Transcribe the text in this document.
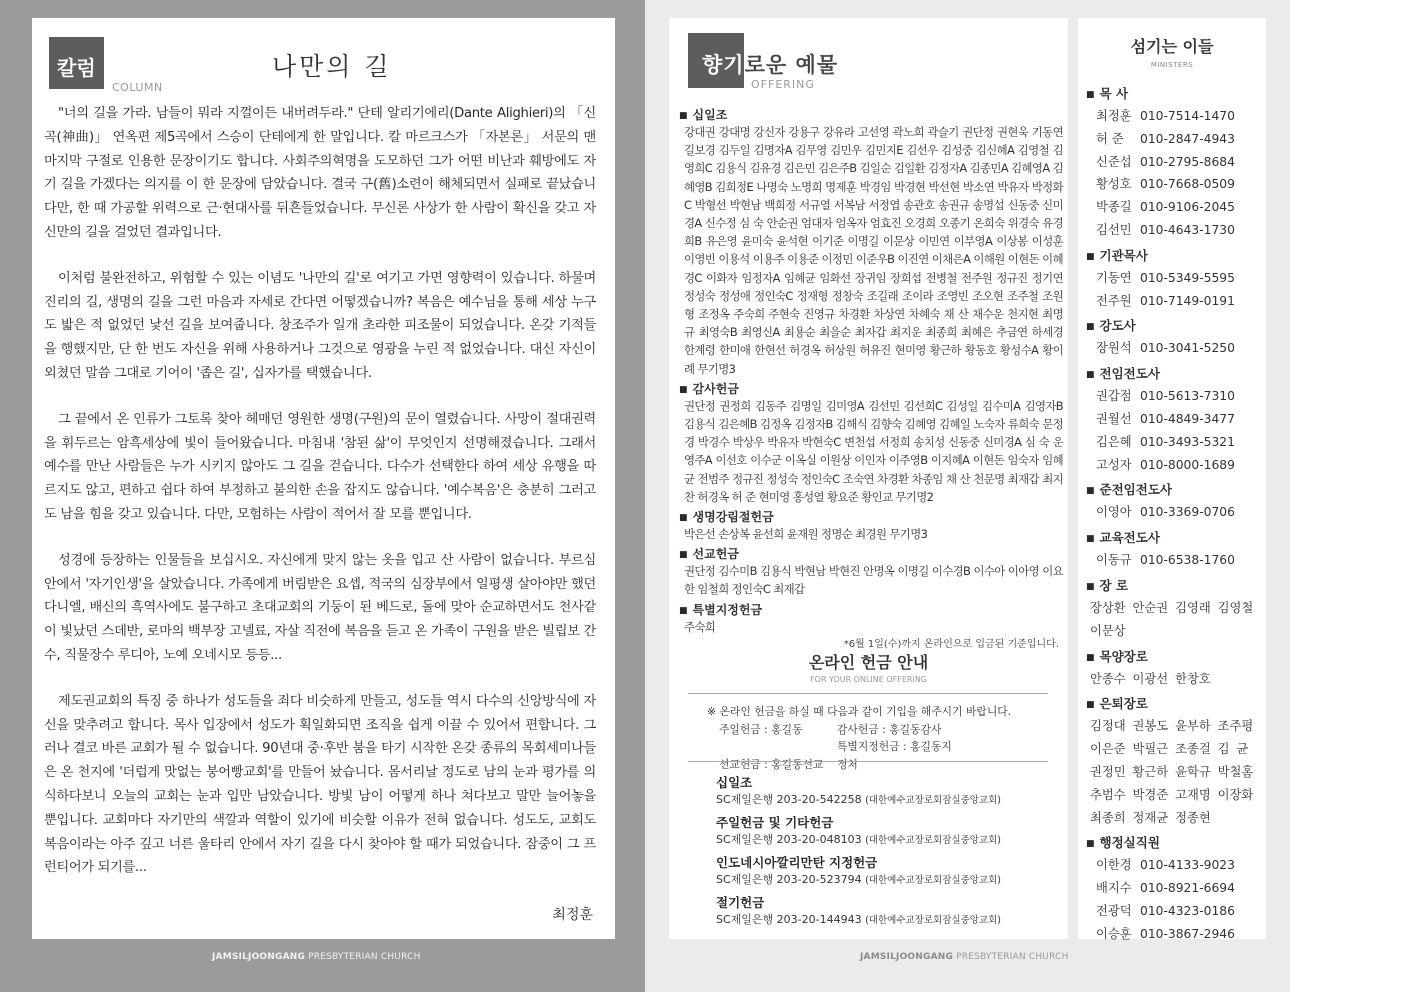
JAMSILJOONGANG PRESBYTERIAN CHURCH	JAMSILJOONGANG PRESBYTERIAN CHURCH
칼럼
COLUMN
나만의 길

"너의 길을 가라. 남들이 뭐라 지껄이든 내버려두라." 단테 알리기에리(Dante Alighieri)의 「신곡(神曲)」 연옥편 제5곡에서 스승이 단테에게 한 말입니다. 칼 마르크스가 「자본론」 서문의 맨 마지막 구절로 인용한 문장이기도 합니다. 사회주의혁명을 도모하던 그가 어떤 비난과 훼방에도 자기 길을 가겠다는 의지를 이 한 문장에 담았습니다. 결국 구(舊)소련이 해체되면서 실패로 끝났습니다만, 한 때 가공할 위력으로 근·현대사를 뒤흔들었습니다. 무신론 사상가 한 사람이 확신을 갖고 자신만의 길을 걸었던 결과입니다.

이처럼 불완전하고, 위험할 수 있는 이념도 '나만의 길'로 여기고 가면 영향력이 있습니다. 하물며 진리의 길, 생명의 길을 그런 마음과 자세로 간다면 어떻겠습니까? 복음은 예수님을 통해 세상 누구도 밟은 적 없었던 낯선 길을 보여줍니다. 창조주가 일개 초라한 피조물이 되었습니다. 온갖 기적들을 행했지만, 단 한 번도 자신을 위해 사용하거나 그것으로 영광을 누린 적 없었습니다. 대신 자신이 외쳤던 말씀 그대로 기어이 '좁은 길', 십자가를 택했습니다.

그 끝에서 온 인류가 그토록 찾아 헤매던 영원한 생명(구원)의 문이 열렸습니다. 사망이 절대권력을 휘두르는 암흑세상에 빛이 들어왔습니다. 마침내 '참된 삶'이 무엇인지 선명해졌습니다. 그래서 예수를 만난 사람들은 누가 시키지 않아도 그 길을 걷습니다. 다수가 선택한다 하여 세상 유행을 따르지도 않고, 편하고 쉽다 하여 부정하고 불의한 손을 잡지도 않습니다. '예수복음'은 충분히 그러고도 남을 힘을 갖고 있습니다. 다만, 모험하는 사람이 적어서 잘 모를 뿐입니다.

성경에 등장하는 인물들을 보십시오. 자신에게 맞지 않는 옷을 입고 산 사람이 없습니다. 부르심 안에서 '자기인생'을 살았습니다. 가족에게 버림받은 요셉, 적국의 심장부에서 일평생 살아야만 했던 다니엘, 배신의 흑역사에도 불구하고 초대교회의 기둥이 된 베드로, 돌에 맞아 순교하면서도 천사같이 빛났던 스데반, 로마의 백부장 고넬료, 자살 직전에 복음을 듣고 온 가족이 구원을 받은 빌립보 간수, 직물장수 루디아, 노예 오네시모 등등...

제도권교회의 특징 중 하나가 성도들을 죄다 비슷하게 만들고, 성도들 역시 다수의 신앙방식에 자신을 맞추려고 합니다. 목사 입장에서 성도가 획일화되면 조직을 쉽게 이끌 수 있어서 편합니다. 그러나 결코 바른 교회가 될 수 없습니다. 90년대 중·후반 붐을 타기 시작한 온갖 종류의 목회세미나들은 온 천지에 '더럽게 맛없는 붕어빵교회'를 만들어 놨습니다. 몸서리날 정도로 남의 눈과 평가를 의식하다보니 오늘의 교회는 눈과 입만 남았습니다. 방빛 남이 어떻게 하나 쳐다보고 말만 늘어놓을 뿐입니다. 교회마다 자기만의 색깔과 역할이 있기에 비슷할 이유가 전혀 없습니다. 성도도, 교회도 복음이라는 아주 깊고 너른 울타리 안에서 자기 길을 다시 찾아야 할 때가 되었습니다. 잠중이 그 프런티어가 되기를...

최정훈
향기로운 예물
OFFERING
■ 십일조
강대권 강대명 강신자 강용구 강유라 고선영 곽노희 곽슬기 권단정 권현욱 기동연 길보경 김두일 김명자A 김무영 김민우 김민지E 김선우 김성중 김신혜A 김영철 김영희C 김용식 김유경 김은민 김은주B 김일순 김일환 김정자A 김종민A 김혜영A 김혜영B 김희정E 나명숙 노명희 명제훈 박경임 박경현 박선현 박소연 박유자 박정화C 박형선 박현남 백희정 서규열 서복남 서정엽 송관호 송권규 송명섭 신동중 신미경A 신수정 심 숙 안순권 엄대자 엄옥자 엄효진 오경희 오종기 온희숙 위경숙 유경희B 유은영 윤미숙 윤석현 이기준 이명길 이문상 이민연 이부영A 이상봉 이성훈 이영빈 이용석 이용주 이용준 이정민 이준우B 이진연 이채은A 이해원 이현돈 이혜경C 이화자 임정자A 임혜균 임화선 장귀임 장희섭 전병철 전주원 정규진 정기연 정성숙 정성애 정인숙C 정재형 정창숙 조길래 조이라 조영빈 조오현 조주철 조원형 조정옥 주숙희 주현숙 진영규 차경환 차상연 차혜숙 채 산 채수운 천지현 최명규 최영숙B 최영신A 최용순 최을순 최자갑 최지운 최종희 최혜은 추금연 하세경 한계령 한미애 한현선 허경옥 허상원 허유진 현미영 황근하 황동호 황성수A 황이례 무기명3
■ 감사헌금
권단정 권정희 김동주 김명일 김미영A 김선민 김선희C 김성일 김수미A 김영자B 김용식 김은혜B 김정옥 김정자B 김해식 김향숙 김혜영 김혜일 노숙자 류희숙 문정경 박경수 박상우 박유자 박현숙C 변천섭 서정희 송치성 신동중 신미경A 심 숙 운영주A 이선호 이수군 이옥실 이원상 이인자 이주영B 이지혜A 이현돈 임숙자 임혜균 전범주 정규진 정성숙 정인숙C 조숙연 차경환 차종임 채 산 천문명 최재갑 최지찬 허경옥 허 준 현미영 홍성열 황요준 황인교 무기명2
■ 생명강림절헌금
박은선 손상복 윤선희 윤재원 정명순 최경원 무기명3
■ 선교헌금
권단정 김수미B 김용식 박현남 박현진 안명옥 이명길 이수경B 이수아 이아영 이요한 임철희 정인숙C 최재갑
■ 특별지정헌금
주숙희
*6월 1일(수)까지 온라인으로 입금된 기준입니다.
온라인 헌금 안내
FOR YOUR ONLINE OFFERING
※ 온라인 헌금을 하실 때 다음과 같이 기입을 해주시기 바랍니다.
주일헌금 : 홍길동	감사헌금 : 홍길동감사
선교헌금 : 홍길동선교특별지정헌금 : 홍길동지정처
십일조
SC제일은행 203-20-542258 (대한예수교장로회잠실중앙교회)
주일헌금 및 기타헌금
SC제일은행 203-20-048103 (대한예수교장로회잠실중앙교회)
인도네시아깔리만탄 지정헌금
SC제일은행 203-20-523794 (대한예수교장로회잠실중앙교회)
절기헌금
SC제일은행 203-20-144943 (대한예수교장로회잠실중앙교회)
섬기는 이들
MINISTERS
■ 목 사
최정훈 010-7514-1470
허 준 010-2847-4943
신준섭 010-2795-8684
황성호 010-7668-0509
박종길 010-9106-2045
김선민 010-4643-1730
■ 기관목사
기동연 010-5349-5595
전주원 010-7149-0191
■ 강도사
장원석 010-3041-5250
■ 전임전도사
권갑점 010-5613-7310
권월선 010-4849-3477
김은혜 010-3493-5321
고성자 010-8000-1689
■ 준전임전도사
이영아 010-3369-0706
■ 교육전도사
이동규 010-6538-1760
■ 장 로
장상환 안순권 김영래 김영철 이문상
■ 목양장로
안종수 이광선 한창호
■ 은퇴장로
김정대 권봉도 윤부하 조주평 이은준 박필근 조종걸 김 균 권정민 황근하 윤학규 박철홈 추범수 박경준 고재명 이장화 최종희 정재균 정종현
■ 행정실직원
이한경 010-4133-9023
배지수 010-8921-6694
전광덕 010-4323-0186
이승훈 010-3867-2946
